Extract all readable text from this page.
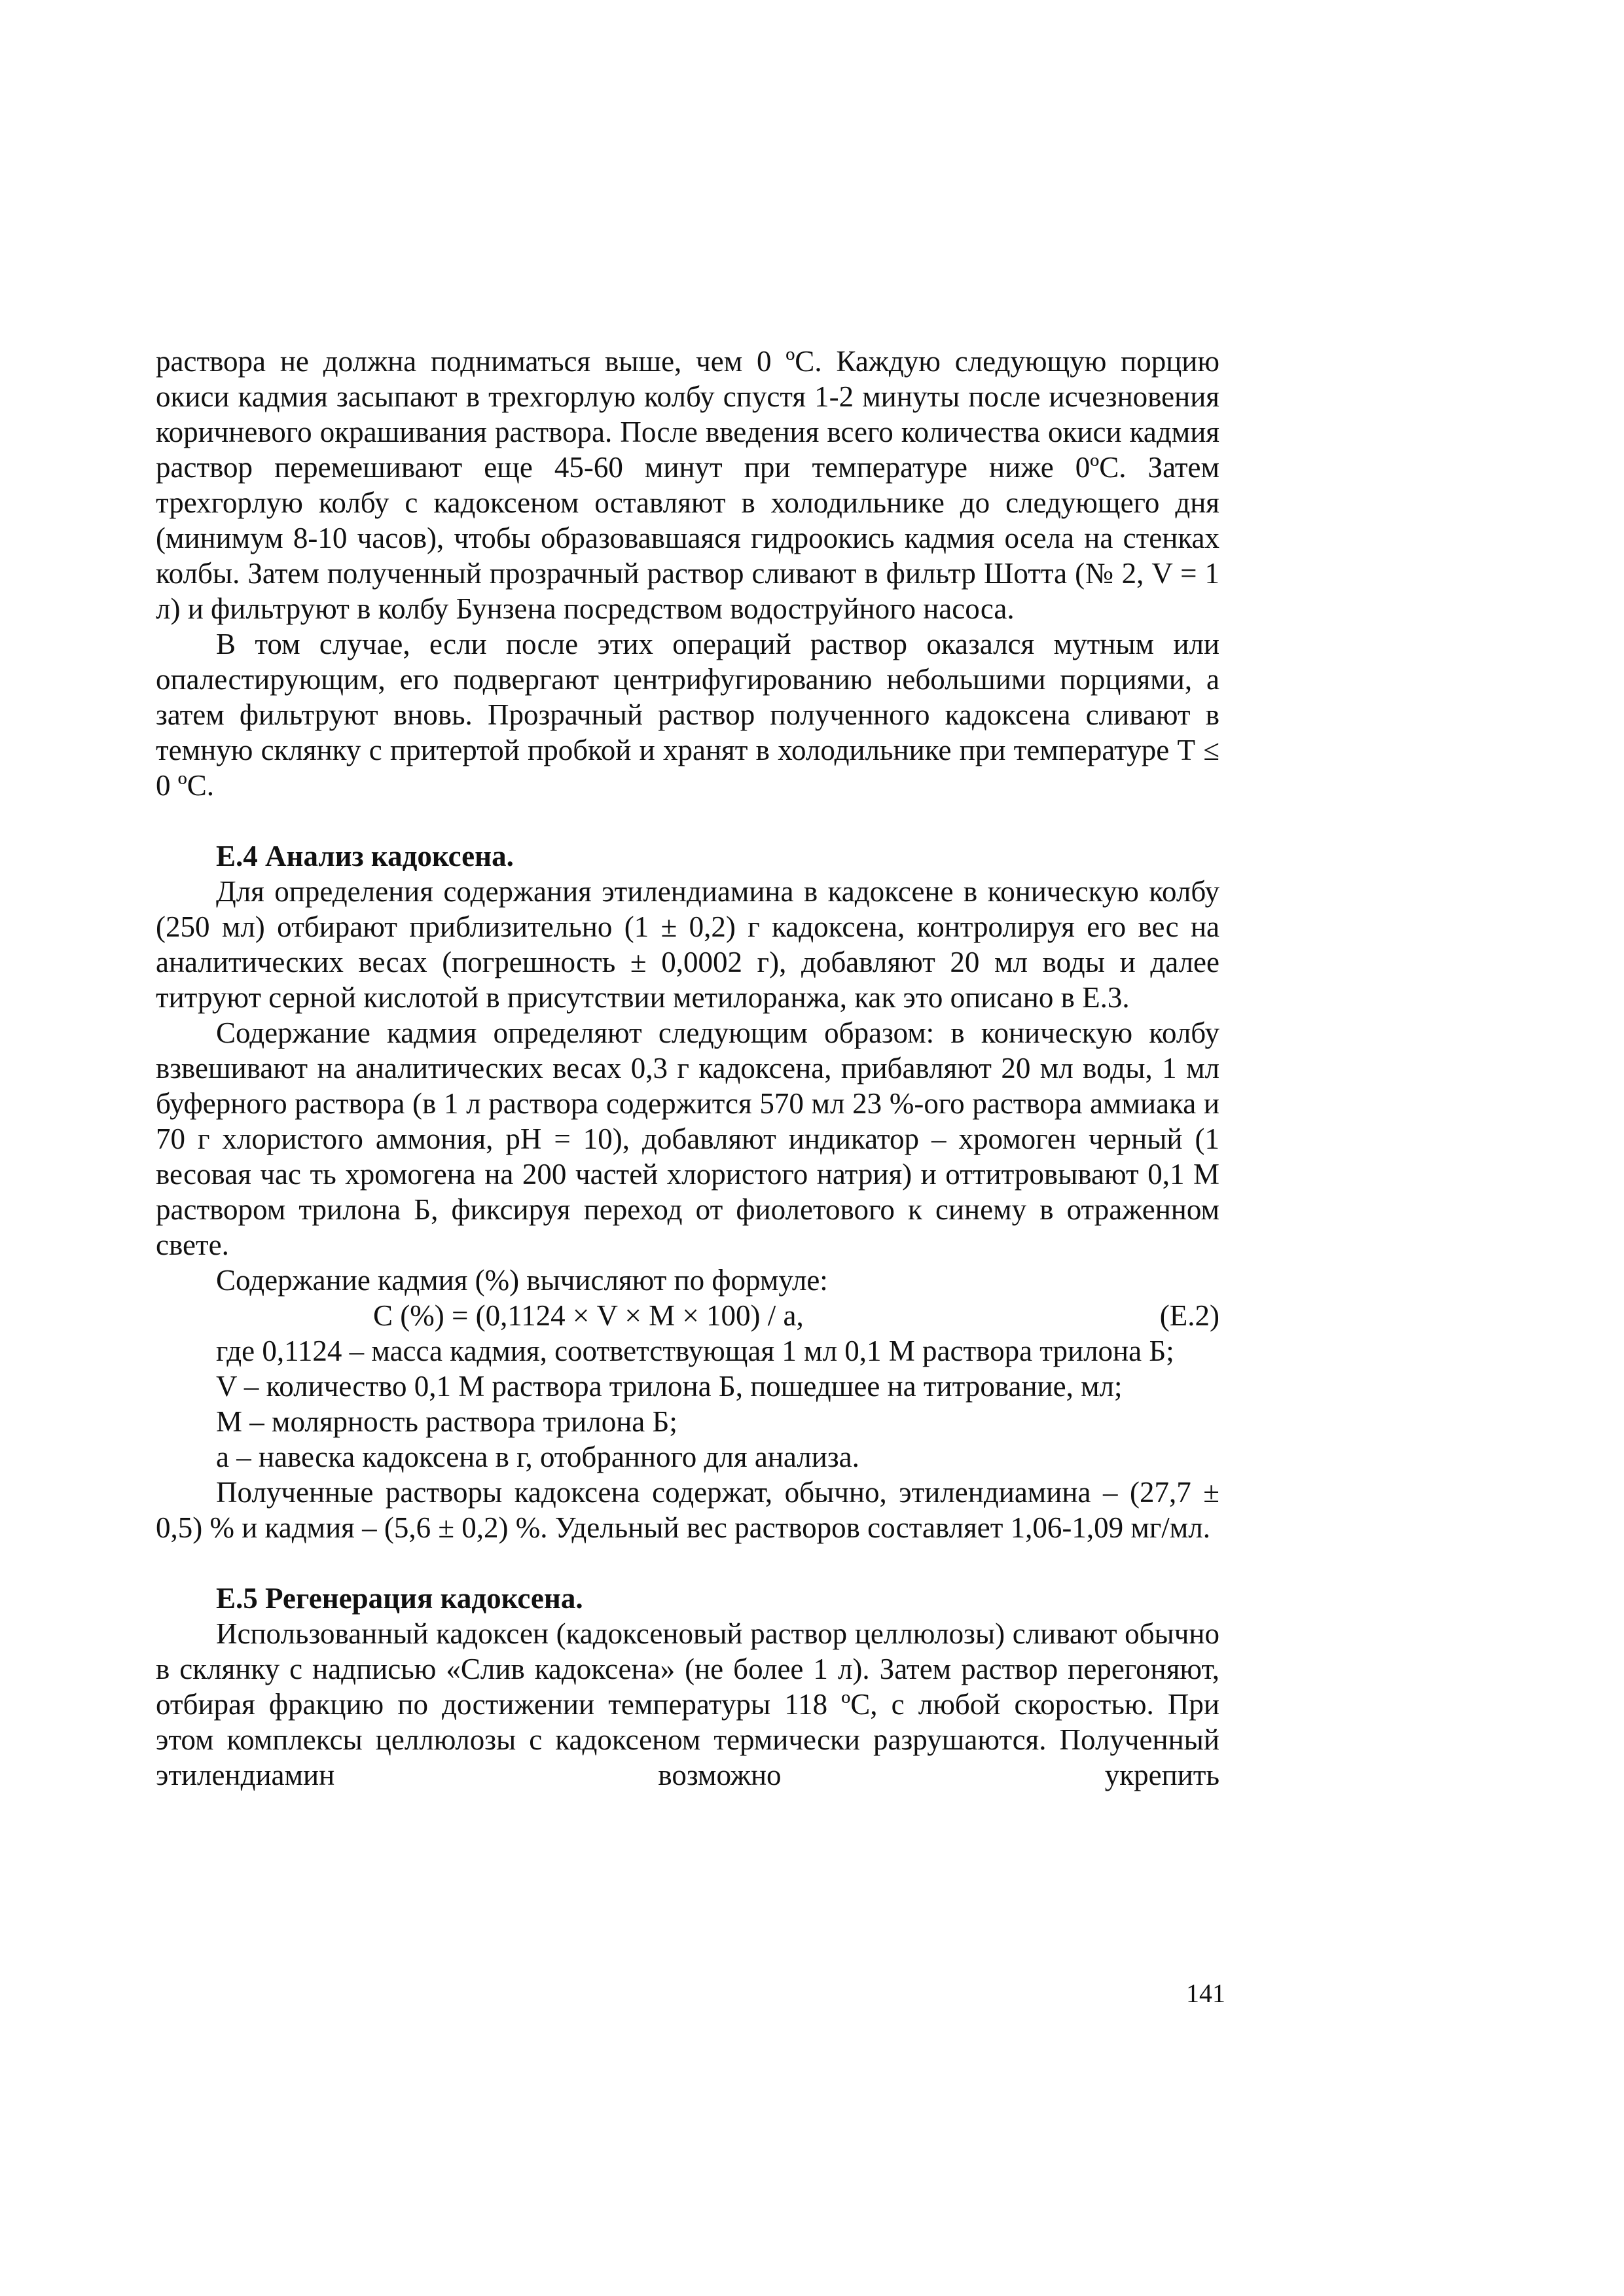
раствора не должна подниматься выше, чем 0 ºС. Каждую следующую порцию окиси кадмия засыпают в трехгорлую колбу спустя 1-2 минуты после исчезновения коричневого окрашивания раствора. После введения всего количества окиси кадмия раствор перемешивают еще 45-60 минут при температуре ниже 0ºС. Затем трехгорлую колбу с кадоксеном оставляют в холодильнике до следующего дня (минимум 8-10 часов), чтобы образовавшаяся гидроокись кадмия осела на стенках колбы. Затем полученный прозрачный раствор сливают в фильтр Шотта (№ 2, V = 1 л) и фильтруют в колбу Бунзена посредством водоструйного насоса.

В том случае, если после этих операций раствор оказался мутным или опалестирующим, его подвергают центрифугированию небольшими порциями, а затем фильтруют вновь. Прозрачный раствор полученного кадоксена сливают в темную склянку с притертой пробкой и хранят в холодильнике при температуре Т ≤ 0 ºС.

Е.4 Анализ кадоксена.

Для определения содержания этилендиамина в кадоксене в коническую колбу (250 мл) отбирают приблизительно (1 ± 0,2) г кадоксена, контролируя его вес на аналитических весах (погрешность ± 0,0002 г), добавляют 20 мл воды и далее титруют серной кислотой в присутствии метилоранжа, как это описано в Е.3.

Содержание кадмия определяют следующим образом: в коническую колбу взвешивают на аналитических весах 0,3 г кадоксена, прибавляют 20 мл воды, 1 мл буферного раствора (в 1 л раствора содержится 570 мл 23 %-ого раствора аммиака и 70 г хлористого аммония, рН = 10), добавляют индикатор – хромоген черный (1 весовая час ть хромогена на 200 частей хлористого натрия) и оттитровывают 0,1 М раствором трилона Б, фиксируя переход от фиолетового к синему в отраженном свете.

Содержание кадмия (%) вычисляют по формуле:

С (%) = (0,1124 × V × М × 100) / а,	(Е.2)

где 0,1124 – масса кадмия, соответствующая 1 мл 0,1 М раствора трилона Б;

V – количество 0,1 М раствора трилона Б, пошедшее на титрование, мл;

М – молярность раствора трилона Б;

а – навеска кадоксена в г, отобранного для анализа.

Полученные растворы кадоксена содержат, обычно, этилендиамина – (27,7 ± 0,5) % и кадмия – (5,6 ± 0,2) %. Удельный вес растворов составляет 1,06-1,09 мг/мл.

Е.5 Регенерация кадоксена.

Использованный кадоксен (кадоксеновый раствор целлюлозы) сливают обычно в склянку с надписью «Слив кадоксена» (не более 1 л). Затем раствор перегоняют, отбирая фракцию по достижении температуры 118 ºС, с любой скоростью. При этом комплексы целлюлозы с кадоксеном термически разрушаются. Полученный этилендиамин возможно укрепить

141
